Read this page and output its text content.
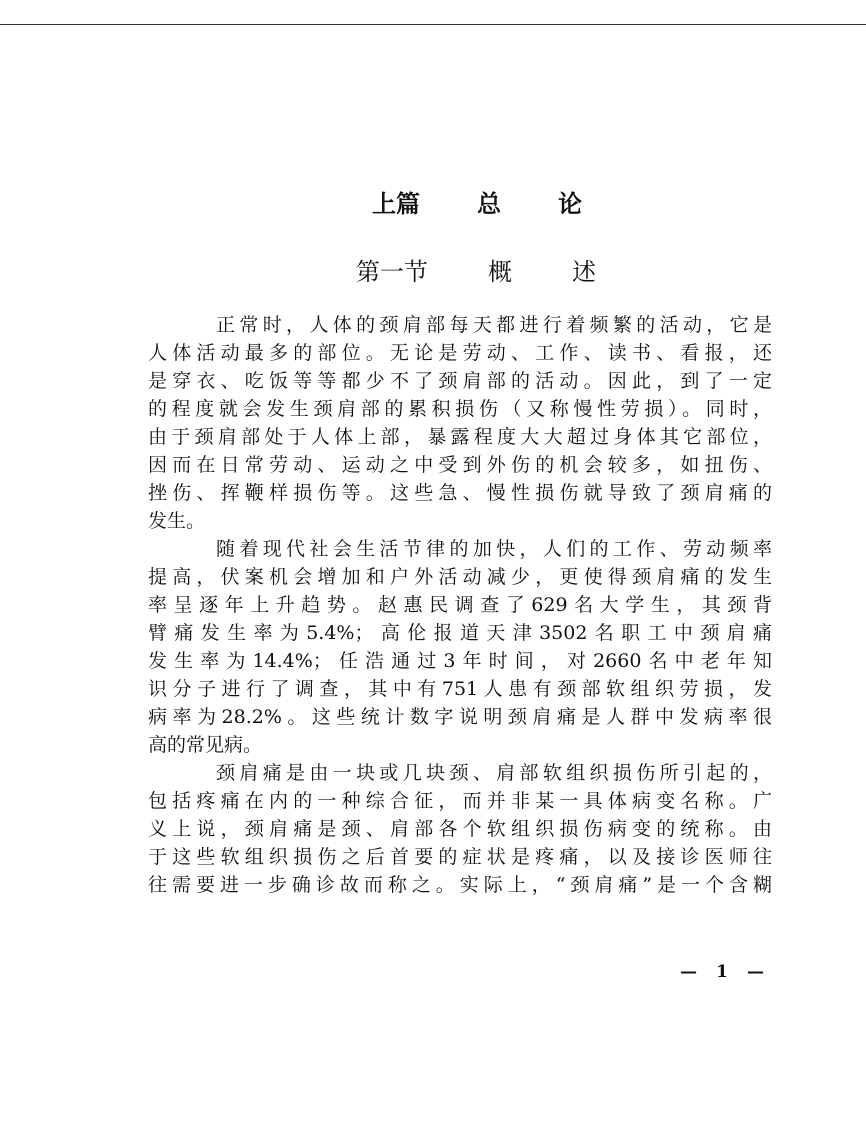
上篇 总 论
第一节	概	述
正常时，人体的颈肩部每天都进行着频繁的活动，它是
人体活动最多的部位。无论是劳动、工作、读书、看报，还
是穿衣、吃饭等等都少不了颈肩部的活动。因此，到了一定
的程度就会发生颈肩部的累积损伤（又称慢性劳损）。同时，
由于颈肩部处于人体上部，暴露程度大大超过身体其它部位，
因而在日常劳动、运动之中受到外伤的机会较多，如扭伤、
挫伤、挥鞭样损伤等。这些急、慢性损伤就导致了颈肩痛的
发生。
随着现代社会生活节律的加快，人们的工作、劳动频率
提高，伏案机会增加和户外活动减少，更使得颈肩痛的发生
率呈逐年上升趋势。赵惠民调查了629名大学生，其颈背
臂痛发生率为5.4%；高伦报道天津3502名职工中颈肩痛
发生率为14.4%；任浩通过3年时间，对2660名中老年知
识分子进行了调查，其中有751人患有颈部软组织劳损，发
病率为28.2%。这些统计数字说明颈肩痛是人群中发病率很
高的常见病。
颈肩痛是由一块或几块颈、肩部软组织损伤所引起的，
包括疼痛在内的一种综合征，而并非某一具体病变名称。广
义上说，颈肩痛是颈、肩部各个软组织损伤病变的统称。由
于这些软组织损伤之后首要的症状是疼痛，以及接诊医师往
往需要进一步确诊故而称之。实际上，“颈肩痛”是一个含糊
— 1 —
